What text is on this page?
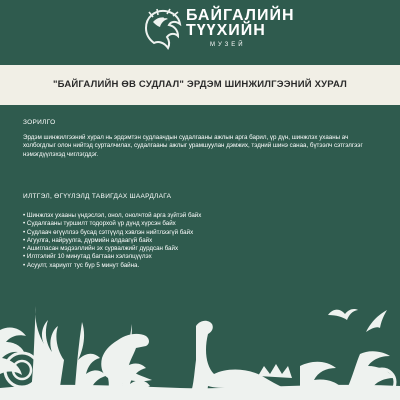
БАЙГАЛИЙН
ТҮҮХИЙН
МУЗЕЙ
"БАЙГАЛИЙН ӨВ СУДЛАЛ" ЭРДЭМ ШИНЖИЛГЭЭНИЙ ХУРАЛ

ЗОРИЛГО

Эрдэм шинжилгээний хурал нь эрдэмтэн судлаачдын судалгааны ажлын арга барил, үр дүн, шинжлэх ухааны ач холбогдлыг олон нийтэд сурталчилах, судалгааны ажлыг урамшуулан дэмжих, тэдний шинэ санаа, бүтээлч сэтгэлгээг нэмэгдүүлэхэд чиглэгддэг.

ИЛТГЭЛ, ӨГҮҮЛЭЛД ТАВИГДАХ ШААРДЛАГА

• Шинжлэх ухааны үндэслэл, онол, онолчтой арга зүйтэй байх
• Судалгааны туршилт тодорхой үр дүнд хүрсэн байх
• Судлаач өгүүллээ бусад сэтгүүлд хэвлэн нийтлээгүй байх
• Агуулга, найруулга, дүрмийн алдаагүй байх
• Ашигласан мэдээллийн эх сурвалжийг дурдсан байх
• Илтгэлийг 10 минутад багтаан хэлэлцүүлэх
• Асуулт, хариулт тус бүр 5 минут байна.
